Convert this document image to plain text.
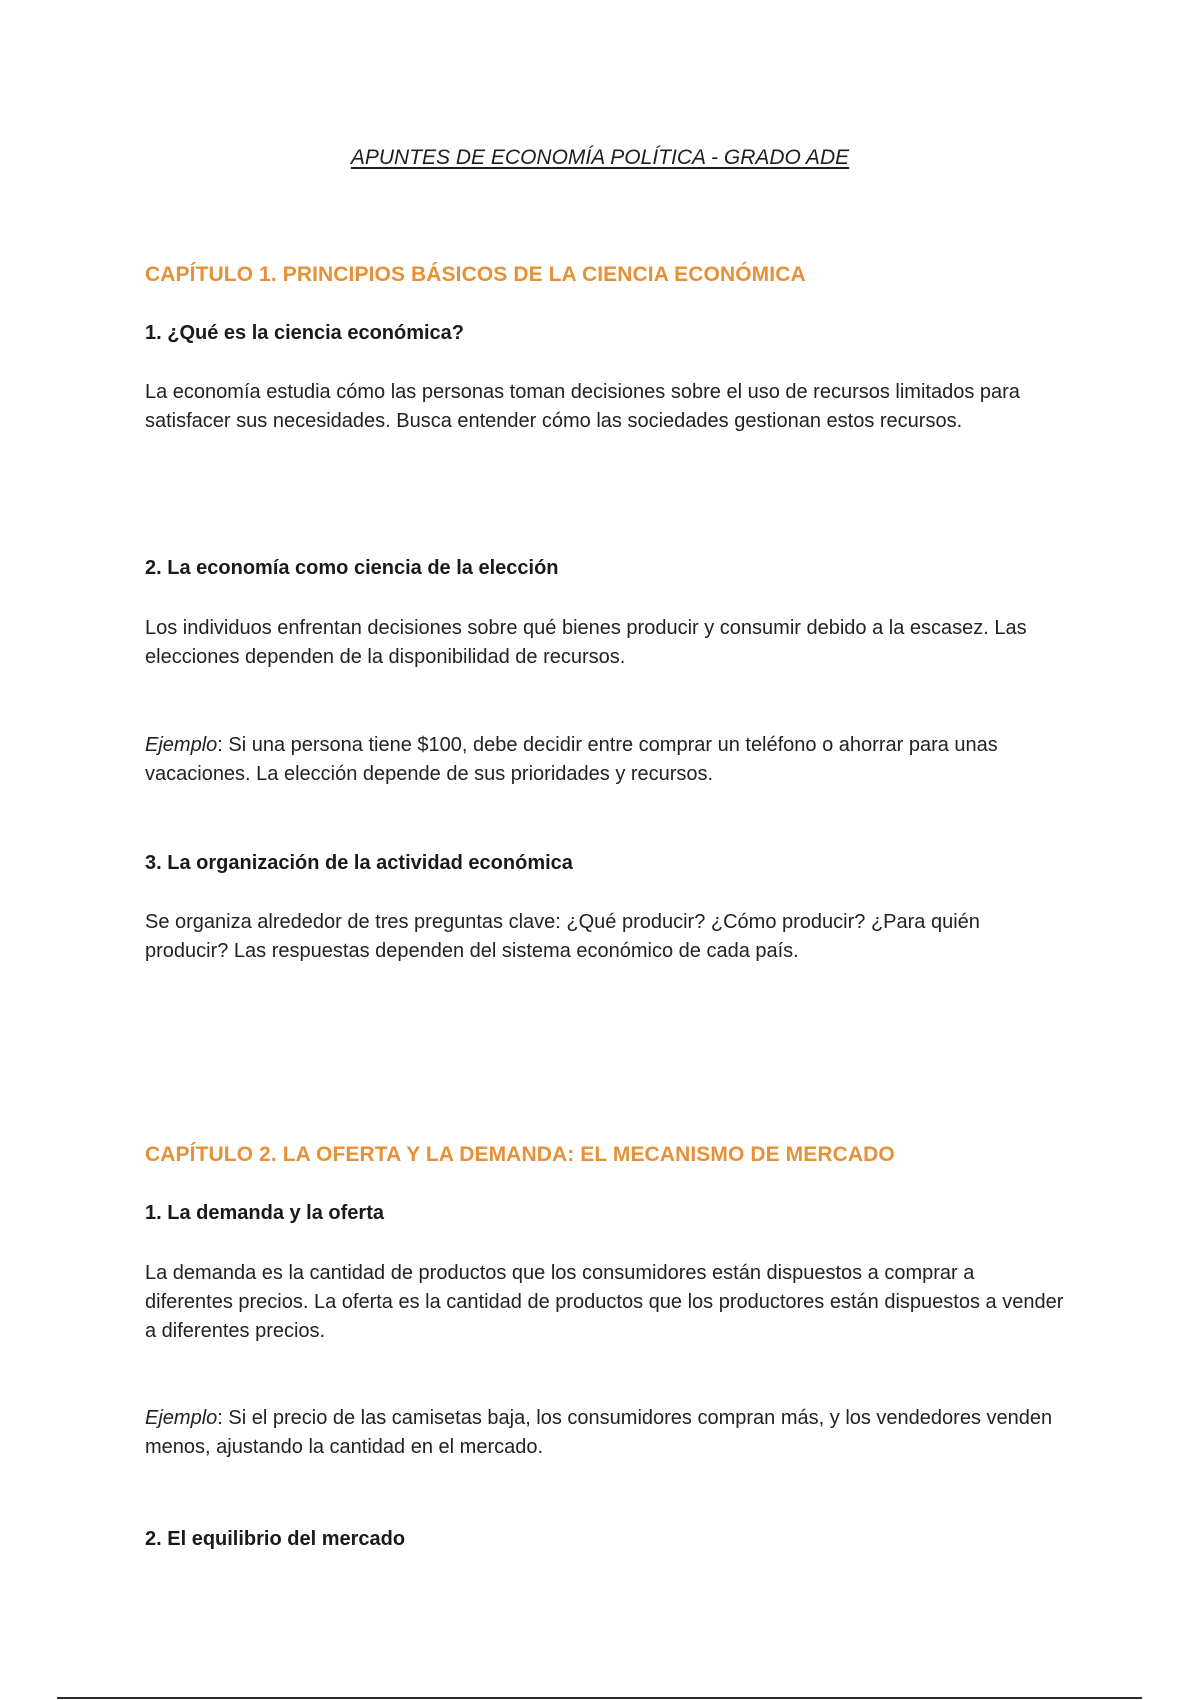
APUNTES DE ECONOMÍA POLÍTICA - GRADO ADE
CAPÍTULO 1. PRINCIPIOS BÁSICOS DE LA CIENCIA ECONÓMICA
1. ¿Qué es la ciencia económica?
La economía estudia cómo las personas toman decisiones sobre el uso de recursos limitados para satisfacer sus necesidades. Busca entender cómo las sociedades gestionan estos recursos.
2. La economía como ciencia de la elección
Los individuos enfrentan decisiones sobre qué bienes producir y consumir debido a la escasez. Las elecciones dependen de la disponibilidad de recursos.
Ejemplo: Si una persona tiene $100, debe decidir entre comprar un teléfono o ahorrar para unas vacaciones. La elección depende de sus prioridades y recursos.
3. La organización de la actividad económica
Se organiza alrededor de tres preguntas clave: ¿Qué producir? ¿Cómo producir? ¿Para quién producir? Las respuestas dependen del sistema económico de cada país.
CAPÍTULO 2. LA OFERTA Y LA DEMANDA: EL MECANISMO DE MERCADO
1. La demanda y la oferta
La demanda es la cantidad de productos que los consumidores están dispuestos a comprar a diferentes precios. La oferta es la cantidad de productos que los productores están dispuestos a vender a diferentes precios.
Ejemplo: Si el precio de las camisetas baja, los consumidores compran más, y los vendedores venden menos, ajustando la cantidad en el mercado.
2. El equilibrio del mercado
